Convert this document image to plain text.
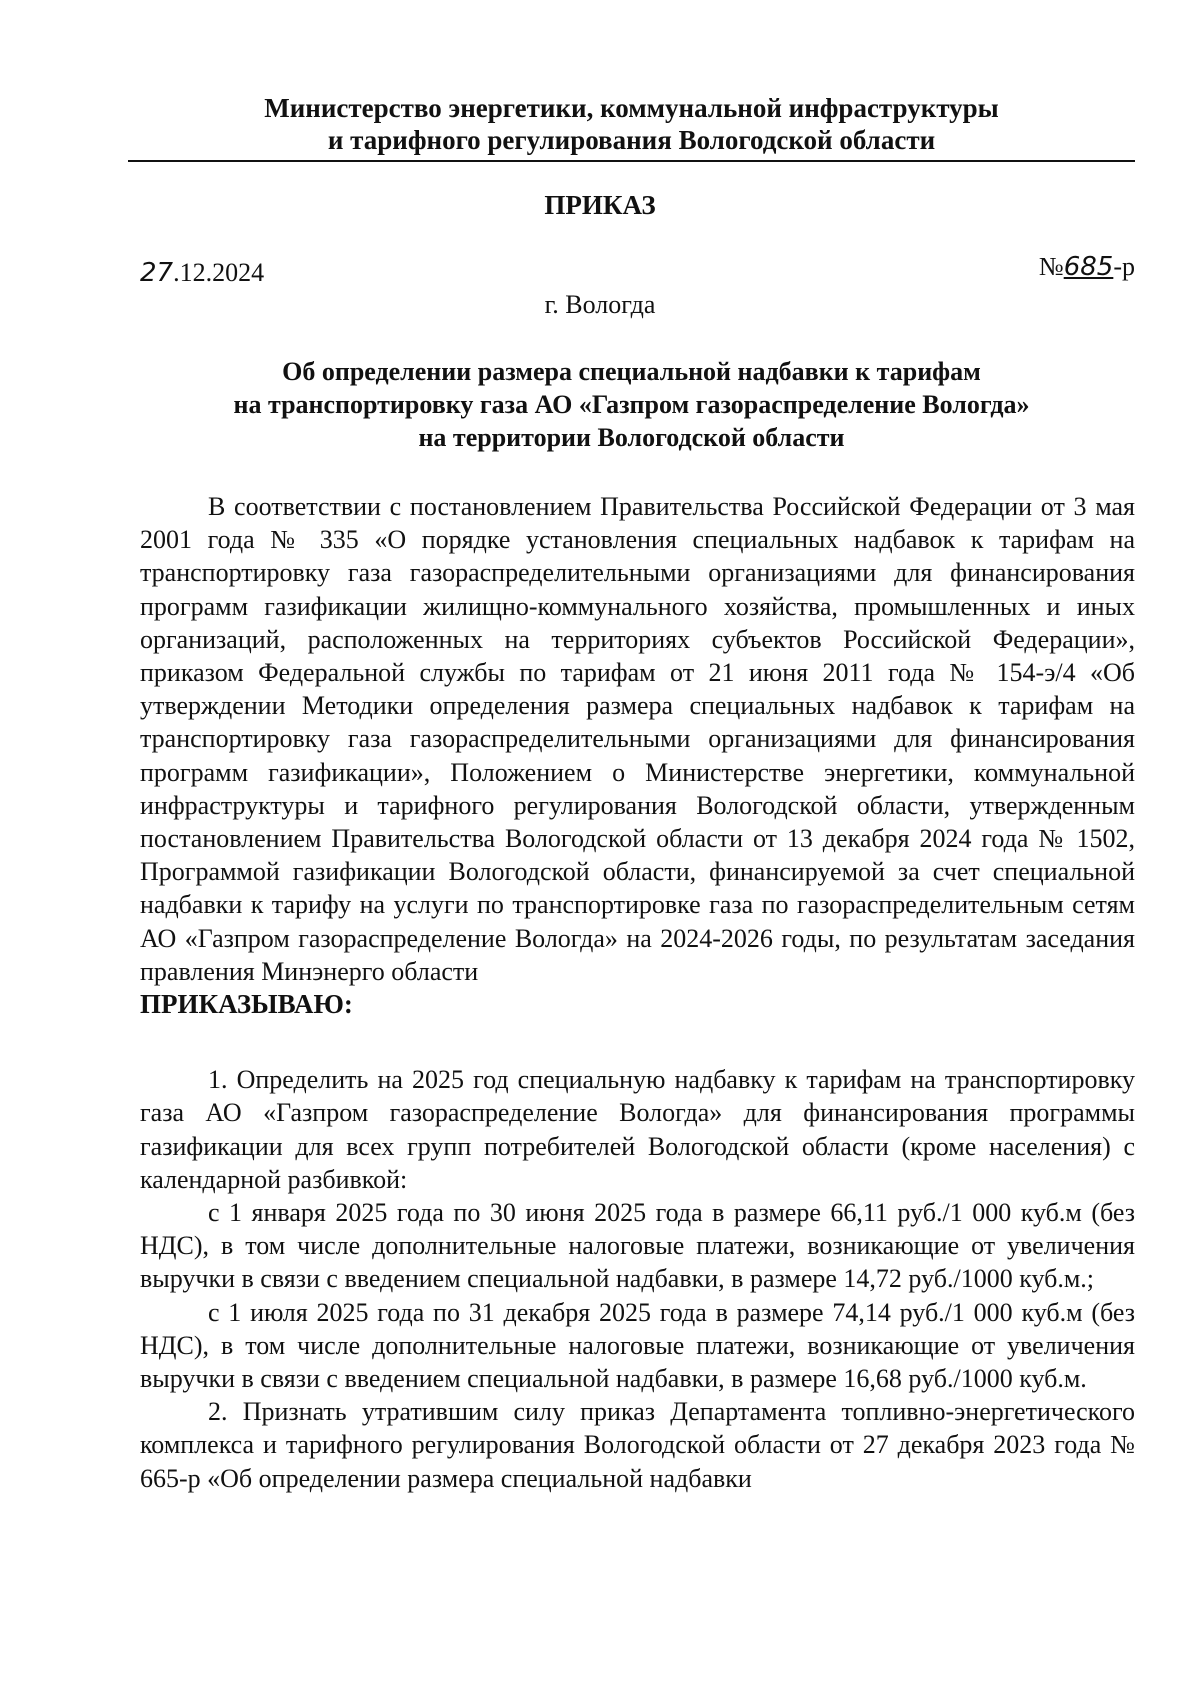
Министерство энергетики, коммунальной инфраструктуры
и тарифного регулирования Вологодской области
ПРИКАЗ
27.12.2024	№685-р
г. Вологда
Об определении размера специальной надбавки к тарифам
на транспортировку газа АО «Газпром газораспределение Вологда»
на территории Вологодской области
В соответствии с постановлением Правительства Российской Федерации от 3 мая 2001 года № 335 «О порядке установления специальных надбавок к тарифам на транспортировку газа газораспределительными организациями для финансирования программ газификации жилищно-коммунального хозяйства, промышленных и иных организаций, расположенных на территориях субъектов Российской Федерации», приказом Федеральной службы по тарифам от 21 июня 2011 года № 154-э/4 «Об утверждении Методики определения размера специальных надбавок к тарифам на транспортировку газа газораспределительными организациями для финансирования программ газификации», Положением о Министерстве энергетики, коммунальной инфраструктуры и тарифного регулирования Вологодской области, утвержденным постановлением Правительства Вологодской области от 13 декабря 2024 года № 1502, Программой газификации Вологодской области, финансируемой за счет специальной надбавки к тарифу на услуги по транспортировке газа по газораспределительным сетям АО «Газпром газораспределение Вологда» на 2024-2026 годы, по результатам заседания правления Минэнерго области
ПРИКАЗЫВАЮ:
1. Определить на 2025 год специальную надбавку к тарифам на транспортировку газа АО «Газпром газораспределение Вологда» для финансирования программы газификации для всех групп потребителей Вологодской области (кроме населения) с календарной разбивкой:
с 1 января 2025 года по 30 июня 2025 года в размере 66,11 руб./1 000 куб.м (без НДС), в том числе дополнительные налоговые платежи, возникающие от увеличения выручки в связи с введением специальной надбавки, в размере 14,72 руб./1000 куб.м.;
с 1 июля 2025 года по 31 декабря 2025 года в размере 74,14 руб./1 000 куб.м (без НДС), в том числе дополнительные налоговые платежи, возникающие от увеличения выручки в связи с введением специальной надбавки, в размере 16,68 руб./1000 куб.м.
2. Признать утратившим силу приказ Департамента топливно-энергетического комплекса и тарифного регулирования Вологодской области от 27 декабря 2023 года № 665-р «Об определении размера специальной надбавки
